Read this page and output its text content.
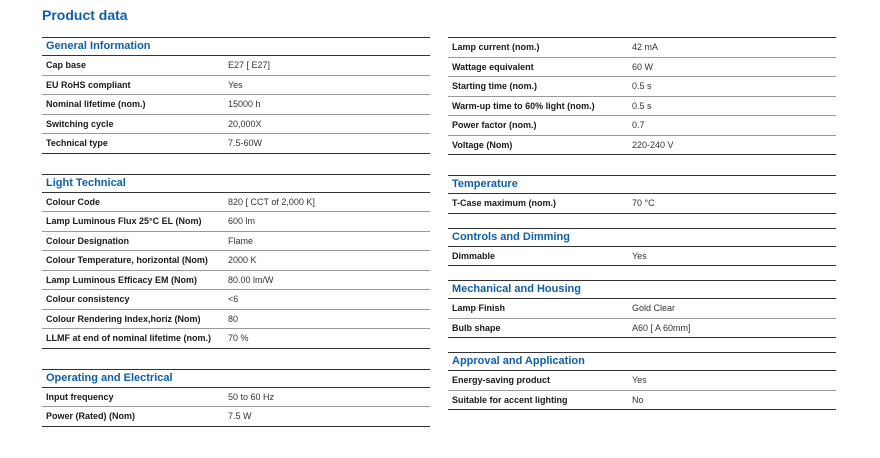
Product data
General Information
Cap base	E27 [ E27]
EU RoHS compliant	Yes
Nominal lifetime (nom.)	15000 h
Switching cycle	20,000X
Technical type	7.5-60W
Light Technical
Colour Code	820 [ CCT of 2,000 K]
Lamp Luminous Flux 25°C EL (Nom)	600 lm
Colour Designation	Flame
Colour Temperature, horizontal (Nom)	2000 K
Lamp Luminous Efficacy EM (Nom)	80.00 lm/W
Colour consistency	<6
Colour Rendering Index,horiz (Nom)	80
LLMF at end of nominal lifetime (nom.)	70 %
Operating and Electrical
Input frequency	50 to 60 Hz
Power (Rated) (Nom)	7.5 W
Lamp current (nom.)	42 mA
Wattage equivalent	60 W
Starting time (nom.)	0.5 s
Warm-up time to 60% light (nom.)	0.5 s
Power factor (nom.)	0.7
Voltage (Nom)	220-240 V
Temperature
T-Case maximum (nom.)	70 °C
Controls and Dimming
Dimmable	Yes
Mechanical and Housing
Lamp Finish	Gold Clear
Bulb shape	A60 [ A 60mm]
Approval and Application
Energy-saving product	Yes
Suitable for accent lighting	No
